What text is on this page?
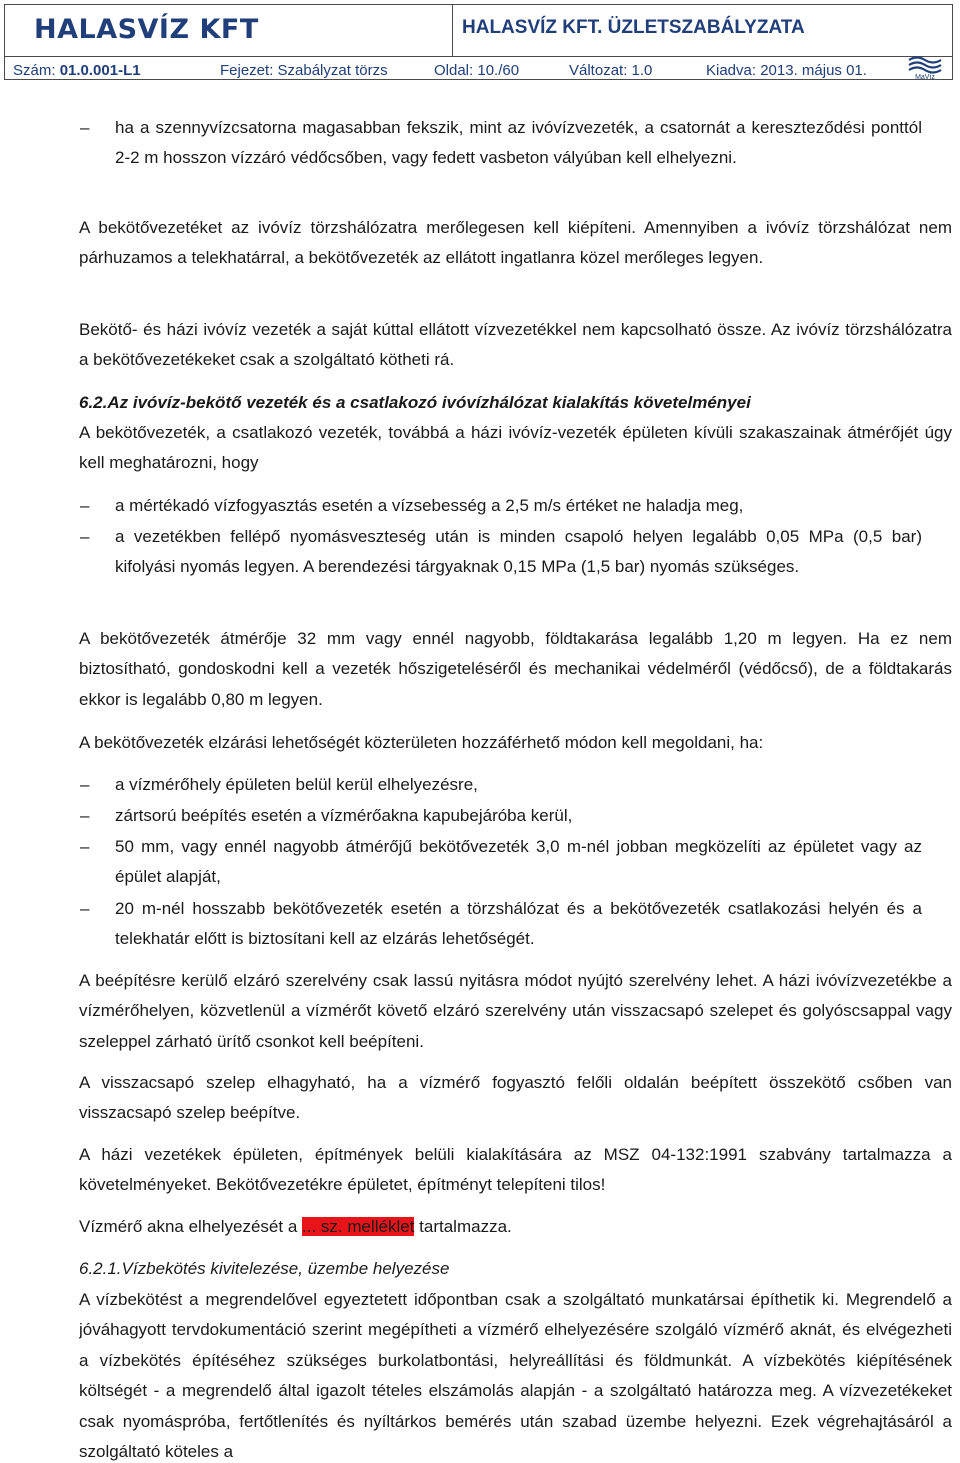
HALASVÍZ KFT	HALASVÍZ KFT. ÜZLETSZABÁLYZATA
Szám: 01.0.001-L1	Fejezet: Szabályzat törzs	Oldal: 10./60	Változat: 1.0	Kiadva: 2013. május 01.	MaVíz
– ha a szennyvízcsatorna magasabban fekszik, mint az ivóvízvezeték, a csatornát a kereszteződési ponttól 2-2 m hosszon vízzáró védőcsőben, vagy fedett vasbeton vályúban kell elhelyezni.
A bekötővezetéket az ivóvíz törzshálózatra merőlegesen kell kiépíteni. Amennyiben a ivóvíz törzshálózat nem párhuzamos a telekhatárral, a bekötővezeték az ellátott ingatlanra közel merőleges legyen.
Bekötő- és házi ivóvíz vezeték a saját kúttal ellátott vízvezetékkel nem kapcsolható össze. Az ivóvíz törzshálózatra a bekötővezetékeket csak a szolgáltató kötheti rá.
6.2.Az ivóvíz-bekötő vezeték és a csatlakozó ivóvízhálózat kialakítás követelményei
A bekötővezeték, a csatlakozó vezeték, továbbá a házi ivóvíz-vezeték épületen kívüli szakaszainak átmérőjét úgy kell meghatározni, hogy
– a mértékadó vízfogyasztás esetén a vízsebesség a 2,5 m/s értéket ne haladja meg,
– a vezetékben fellépő nyomásveszteség után is minden csapoló helyen legalább 0,05 MPa (0,5 bar) kifolyási nyomás legyen. A berendezési tárgyaknak 0,15 MPa (1,5 bar) nyomás szükséges.
A bekötővezeték átmérője 32 mm vagy ennél nagyobb, földtakarása legalább 1,20 m legyen. Ha ez nem biztosítható, gondoskodni kell a vezeték hőszigeteléséről és mechanikai védelméről (védőcső), de a földtakarás ekkor is legalább 0,80 m legyen.
A bekötővezeték elzárási lehetőségét közterületen hozzáférhető módon kell megoldani, ha:
– a vízmérőhely épületen belül kerül elhelyezésre,
– zártsorú beépítés esetén a vízmérőakna kapubejáróba kerül,
– 50 mm, vagy ennél nagyobb átmérőjű bekötővezeték 3,0 m-nél jobban megközelíti az épületet vagy az épület alapját,
– 20 m-nél hosszabb bekötővezeték esetén a törzshálózat és a bekötővezeték csatlakozási helyén és a telekhatár előtt is biztosítani kell az elzárás lehetőségét.
A beépítésre kerülő elzáró szerelvény csak lassú nyitásra módot nyújtó szerelvény lehet. A házi ivóvízvezetékbe a vízmérőhelyen, közvetlenül a vízmérőt követő elzáró szerelvény után visszacsapó szelepet és golyóscsappal vagy szeleppel zárható ürítő csonkot kell beépíteni.
A visszacsapó szelep elhagyható, ha a vízmérő fogyasztó felőli oldalán beépített összekötő csőben van visszacsapó szelep beépítve.
A házi vezetékek épületen, építmények belüli kialakítására az MSZ 04-132:1991 szabvány tartalmazza a követelményeket. Bekötővezetékre épületet, építményt telepíteni tilos!
Vízmérő akna elhelyezését a ... sz. melléklet tartalmazza.
6.2.1.Vízbekötés kivitelezése, üzembe helyezése
A vízbekötést a megrendelővel egyeztetett időpontban csak a szolgáltató munkatársai építhetik ki. Megrendelő a jóváhagyott tervdokumentáció szerint megépítheti a vízmérő elhelyezésére szolgáló vízmérő aknát, és elvégezheti a vízbekötés építéséhez szükséges burkolatbontási, helyreállítási és földmunkát. A vízbekötés kiépítésének költségét - a megrendelő által igazolt tételes elszámolás alapján - a szolgáltató határozza meg. A vízvezetékeket csak nyomáspróba, fertőtlenítés és nyíltárkos bemérés után szabad üzembe helyezni. Ezek végrehajtásáról a szolgáltató köteles a
